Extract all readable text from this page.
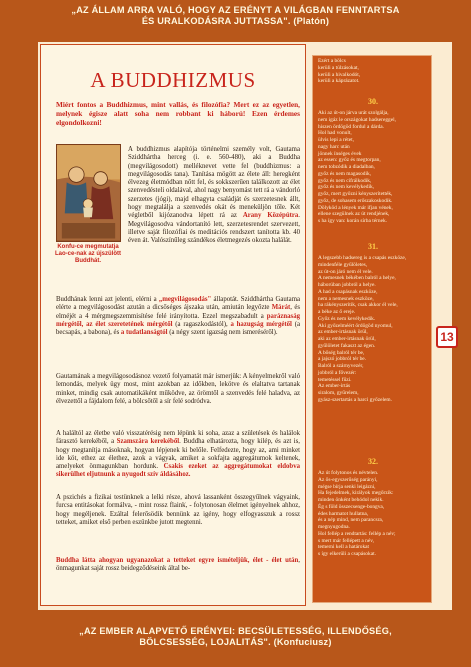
„AZ ÁLLAM ARRA VALÓ, HOGY AZ ERÉNYT A VILÁGBAN FENNTARTSA
ÉS URALKODÁSRA JUTTASSA". (Platón)
A BUDDHIZMUS
Miért fontos a Buddhizmus, mint vallás, és filozófia? Mert ez az egyetlen, melynek égisze alatt soha nem robbant ki háború! Ezen érdemes elgondolkozni!
Konfu-ce megmutatja Lao-ce-nak az újszülött Buddhát.
A buddhizmus alapítója történelmi személy volt, Gautama Sziddhártha herceg (i. e. 560-480), aki a Buddha (megvilágosodott) melléknevet vette fel (buddhizmus: a megvilágosodás tana). Tanítása mögött az élete áll: heregként élvezeg életmódban nőtt fel, és sokkszerűen találkozott az élet szenvedésteli oldalával, ahol nagy benyomást tett rá a vándorló szerzetes (jógi), majd elhagyta családját és szerzetesnek állt, hogy megtalálja a szenvedés okát és meneküljön tőle. Két végletből kijózanodva lépett rá az Arany Középútra. Megvilágosodva vándortanító lett, szerzetesrendet szervezett, illetve saját filozófiai és meditációs rendszert tanította kb. 40 éven át. Valószínűleg szándékos életmegezés okozta halálát.
Buddhának lenni azt jelenti, elérni a „megvilágosodás" állapotát. Sziddhártha Gautama elérte a megvilágosodást azután a dicsőséges ájszaka után, amiután legyőzte Márát, és elméjét a 4 mérgmegszemmisítése felé irányította. Ezzel megszabadult a paráznaság mérgétől, az élet szeretetének mérgétől (a ragaszkodástól), a hazugság mérgétől (a becsapás, a babona), és a tudatlanságtól (a négy szent igazság nem ismeréséről).
Gautamának a megvilágosodásnoz vezető folyamatát már ismerjük: A kényelmekről való lemondás, melyek ügy most, mint azokban az időkben, lekötve és elaltatva tartanak minket, mindig csak automatikáként működve, az örömtől a szenvedés felé haladva, az élvezettől a fájdalom felé, a bölcsőtől a sír felé sodródva.
A haláltól az életbe való visszatérésig nem lépünk ki soha, azaz a születések és halálok fárasztó kerekéből, a Szamszára kerekéből. Buddha elhatározta, hogy kilép, és azt is, hogy megtanítja másoknak, hogyan lépjenek ki belőle. Felfedezte, hogy az, ami minket ide köt, ethez az élethez, azok a vágyak, amiket a sokfajta aggregátumok keltenek, amelyeket önmagunkban hordunk. Csakis ezeket az aggregátumokat eldobva sikerülhet eljutnunk a nyugodt szív áldásához.
A pszichés a fizikai testünknek a lelki része, ahová lassanként összegyűlnek vágyaink, furcsa entitásokat formálva, - mint rossz flainkֹ, - folytonosan élelmet igényelnek ahhoz, hogy megéljenek. Ezáltal felerősödik bennünk az igény, hogy elfogyasszuk a rossz tetteket, amiket első perben eszünkbe jutott megtenni.
Buddha látta ahogyan ugyanazokat a tetteket egyre ismételjük, élet - élet után, önmagunkat saját rossz beidegződéseink által be-
Ezért a bölcs
kerüli a túlzásokat,
kerüli a hivalkodót,
kerüli a káprázatot.
30.
Aki az út-on járva urát szolgálja,
nem igáz le országokat hadsereggel,
hiszen ördögöd fordul a dárda.
Hol had vonult,
ülvis lepi a rétet,
nagy harc után
jönnek ínséges évek
az essen: győz és megtorpan,
nem tobzódik a diadalban,
győz és nem magasodik,
győz és nem cifrálkodik,
győz és nem kevélykedik,
győz, mert győzni kényszerítették,
győz, de sohasem erőszakoskodik.
Dölyköd a lények már ifjan vének,
ellene szegülnek az út rendjének,
s ha így van: korán sírba térnek.
31.
A legszebb hadsereg is a csapás eszköze,
mindenféle gyűlöletes,
az út-on járó nem él vele.
A nemesnek békében balról a helye,
háborúban jobbról a helye.
A had a csapásnak eszköze,
nem a nemesnek eszköze,
ha rákényszerítik, csak akkor él vele,
a béke az ő ereje.
Győz és nem kevélykedik.
Aki győzelméért ördögöd nyomul,
az ember-irtásnak örül,
aki az ember-irtásnak örül,
gyűlöletet fakaszt az égen.
A bőség balról tér be,
a jajszó jobbról tér be.
Balról a szárnyvezér,
jobbról a fővezér:
temetéssel fűzi.
Az ember-irtás
siralom, gyűrelem,
gyász-szertartás a harci győzelem.
32.
Az út folytonos és névtelen.
Az ős-egyszerűség parányi,
mégse bírja senki leigázni,
Ha fejedelmek, királyok megőrzik:
minden önként behódol nekik.
Ég s föld összecsenge-bongva,
édes harmatot hullatna,
és a nép mind, nem parancsra,
megnyugodna.
Hol fellép a rendtartás: fellép a név;
s mert már fellépett a név,
temerni kell a határokat
s így elkerüli a csapásokat.
13
„AZ EMBER ALAPVETŐ ERÉNYEI: BECSÜLETESSÉG, ILLENDŐSÉG,
BÖLCSESSÉG, LOJALITÁS". (Konfuciusz)
